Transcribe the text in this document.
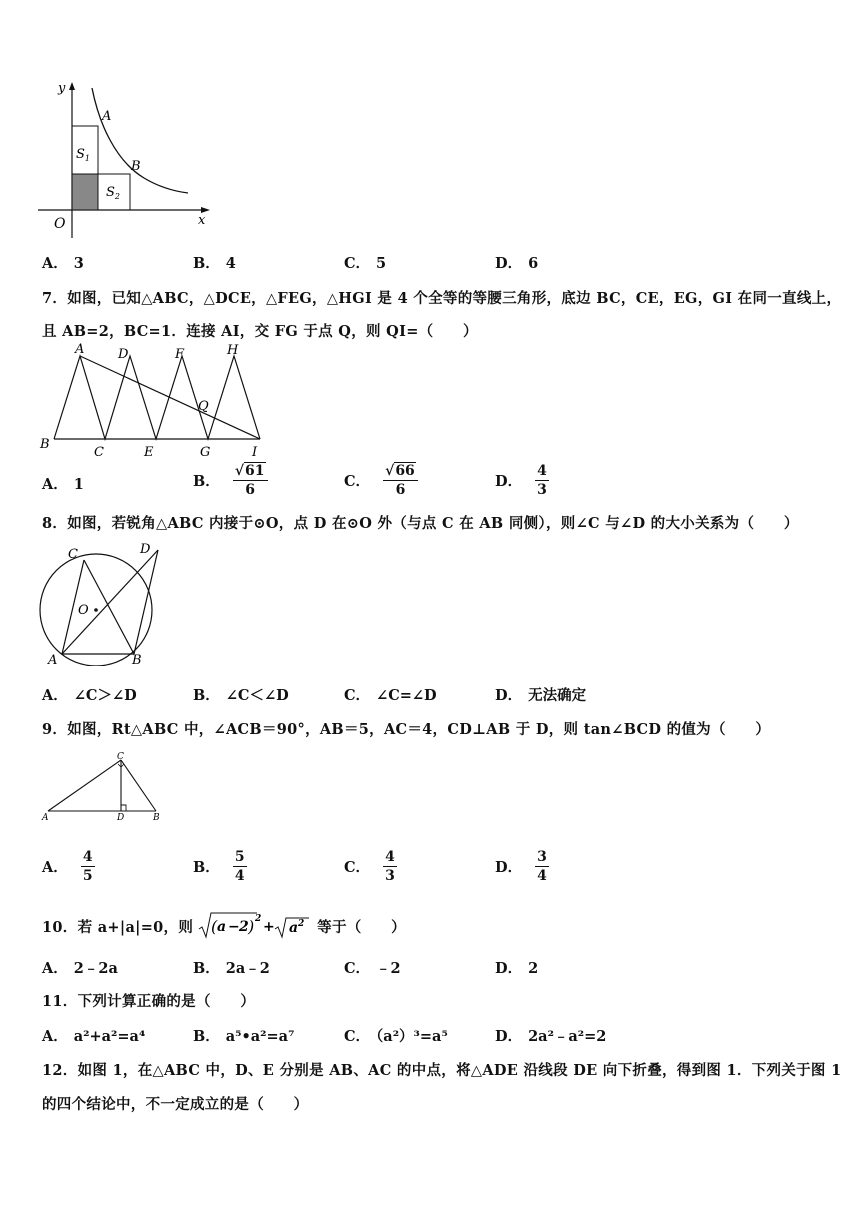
y
x
O
A
B
$S_1$
$S_2$
A． 3	B． 4	C． 5	D． 6
7．如图，已知△ABC，△DCE，△FEG，△HGI 是 4 个全等的等腰三角形，底边 BC，CE，EG，GI 在同一直线上，
且 AB=2，BC=1．连接 AI，交 FG 于点 Q，则 QI=（　　）
A	D	F	H
Q
B
C	E	G	I
A． 1	B． $\frac{√61}{6}$	C． $\frac{√66}{6}$	D． $\frac{4}{3}$
8．如图，若锐角△ABC 内接于⊙O，点 D 在⊙O 外（与点 C 在 AB 同侧），则∠C 与∠D 的大小关系为（　　）
C	D
O
A	B
A． ∠C＞∠D	B． ∠C＜∠D	C． ∠C=∠D	D． 无法确定
9．如图，Rt△ABC 中，∠ACB＝90°，AB＝5，AC＝4，CD⊥AB 于 D，则 tan∠BCD 的值为（　　）
C
A	D	B
A． $\frac{4}{5}$	B． $\frac{5}{4}$	C． $\frac{4}{3}$	D． $\frac{3}{4}$
10．若 a+|a|=0，则 ( a −
2
) 2 + a 2 等于（　　）
A． 2﹣2a	B． 2a﹣2	C． ﹣2	D． 2
11．下列计算正确的是（　　）
A． a²+a²=a⁴	B． a⁵•a²=a⁷	C． （a²）³=a⁵	D． 2a²﹣a²=2
12．如图 1，在△ABC 中，D、E 分别是 AB、AC 的中点，将△ADE 沿线段 DE 向下折叠，得到图 1．下列关于图 1
的四个结论中，不一定成立的是（　　）
